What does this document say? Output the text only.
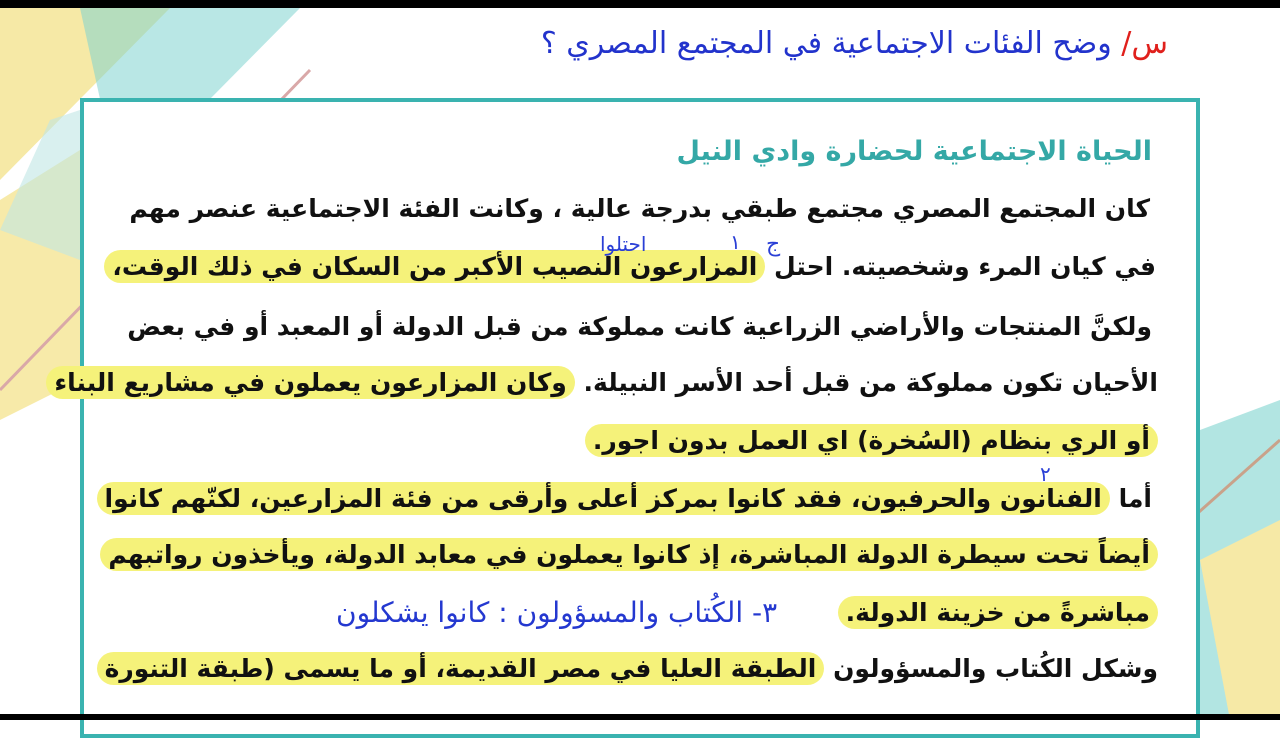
س/ وضح الفئات الاجتماعية في المجتمع المصري ؟
الحياة الاجتماعية لحضارة وادي النيل
كان المجتمع المصري مجتمع طبقي بدرجة عالية ، وكانت الفئة الاجتماعية عنصر مهم
في كيان المرء وشخصيته. احتل المزارعون النصيب الأكبر من السكان في ذلك الوقت،
ولكنَّ المنتجات والأراضي الزراعية كانت مملوكة من قبل الدولة أو المعبد أو في بعض
الأحيان تكون مملوكة من قبل أحد الأسر النبيلة. وكان المزارعون يعملون في مشاريع البناء
أو الري بنظام (السُخرة) اي العمل بدون اجور.
أما الفنانون والحرفيون، فقد كانوا بمركز أعلى وأرقى من فئة المزارعين، لكنّهم كانوا
أيضاً تحت سيطرة الدولة المباشرة، إذ كانوا يعملون في معابد الدولة، ويأخذون رواتبهم
مباشرةً من خزينة الدولة.
وشكل الكُتاب والمسؤولون الطبقة العليا في مصر القديمة، أو ما يسمى (طبقة التنورة
ج
١
احتلوا
٢
٣- الكُتاب والمسؤولون : كانوا يشكلون
